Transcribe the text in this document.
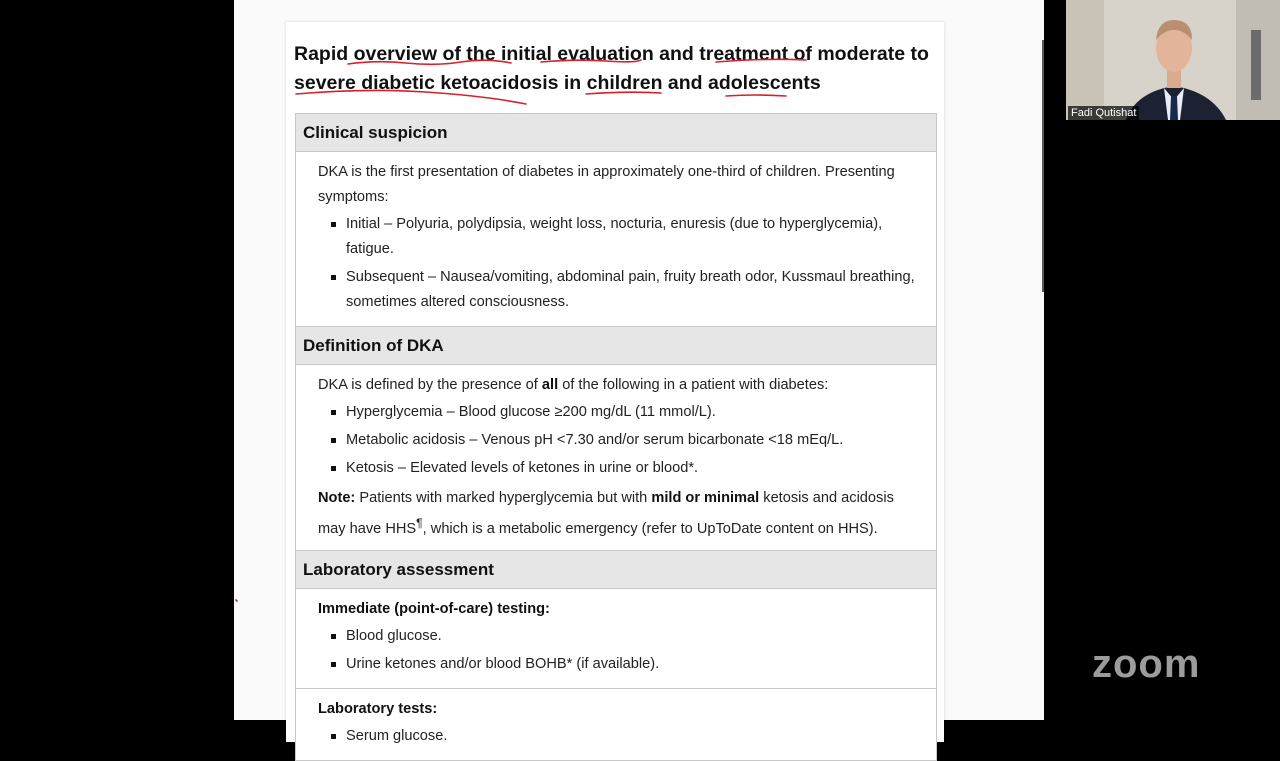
Rapid overview of the initial evaluation and treatment of moderate to severe diabetic ketoacidosis in children and adolescents
Clinical suspicion

DKA is the first presentation of diabetes in approximately one-third of children. Presenting symptoms:

Initial – Polyuria, polydipsia, weight loss, nocturia, enuresis (due to hyperglycemia), fatigue.
Subsequent – Nausea/vomiting, abdominal pain, fruity breath odor, Kussmaul breathing, sometimes altered consciousness.
Definition of DKA

DKA is defined by the presence of all of the following in a patient with diabetes:

Hyperglycemia – Blood glucose ≥200 mg/dL (11 mmol/L).
Metabolic acidosis – Venous pH <7.30 and/or serum bicarbonate <18 mEq/L.
Ketosis – Elevated levels of ketones in urine or blood*.

Note: Patients with marked hyperglycemia but with mild or minimal ketosis and acidosis may have HHS¶, which is a metabolic emergency (refer to UpToDate content on HHS).

Laboratory assessment

Immediate (point-of-care) testing:

Blood glucose.
Urine ketones and/or blood BOHB* (if available).

Laboratory tests:

Serum glucose.
Fadi Qutishat
zoom
